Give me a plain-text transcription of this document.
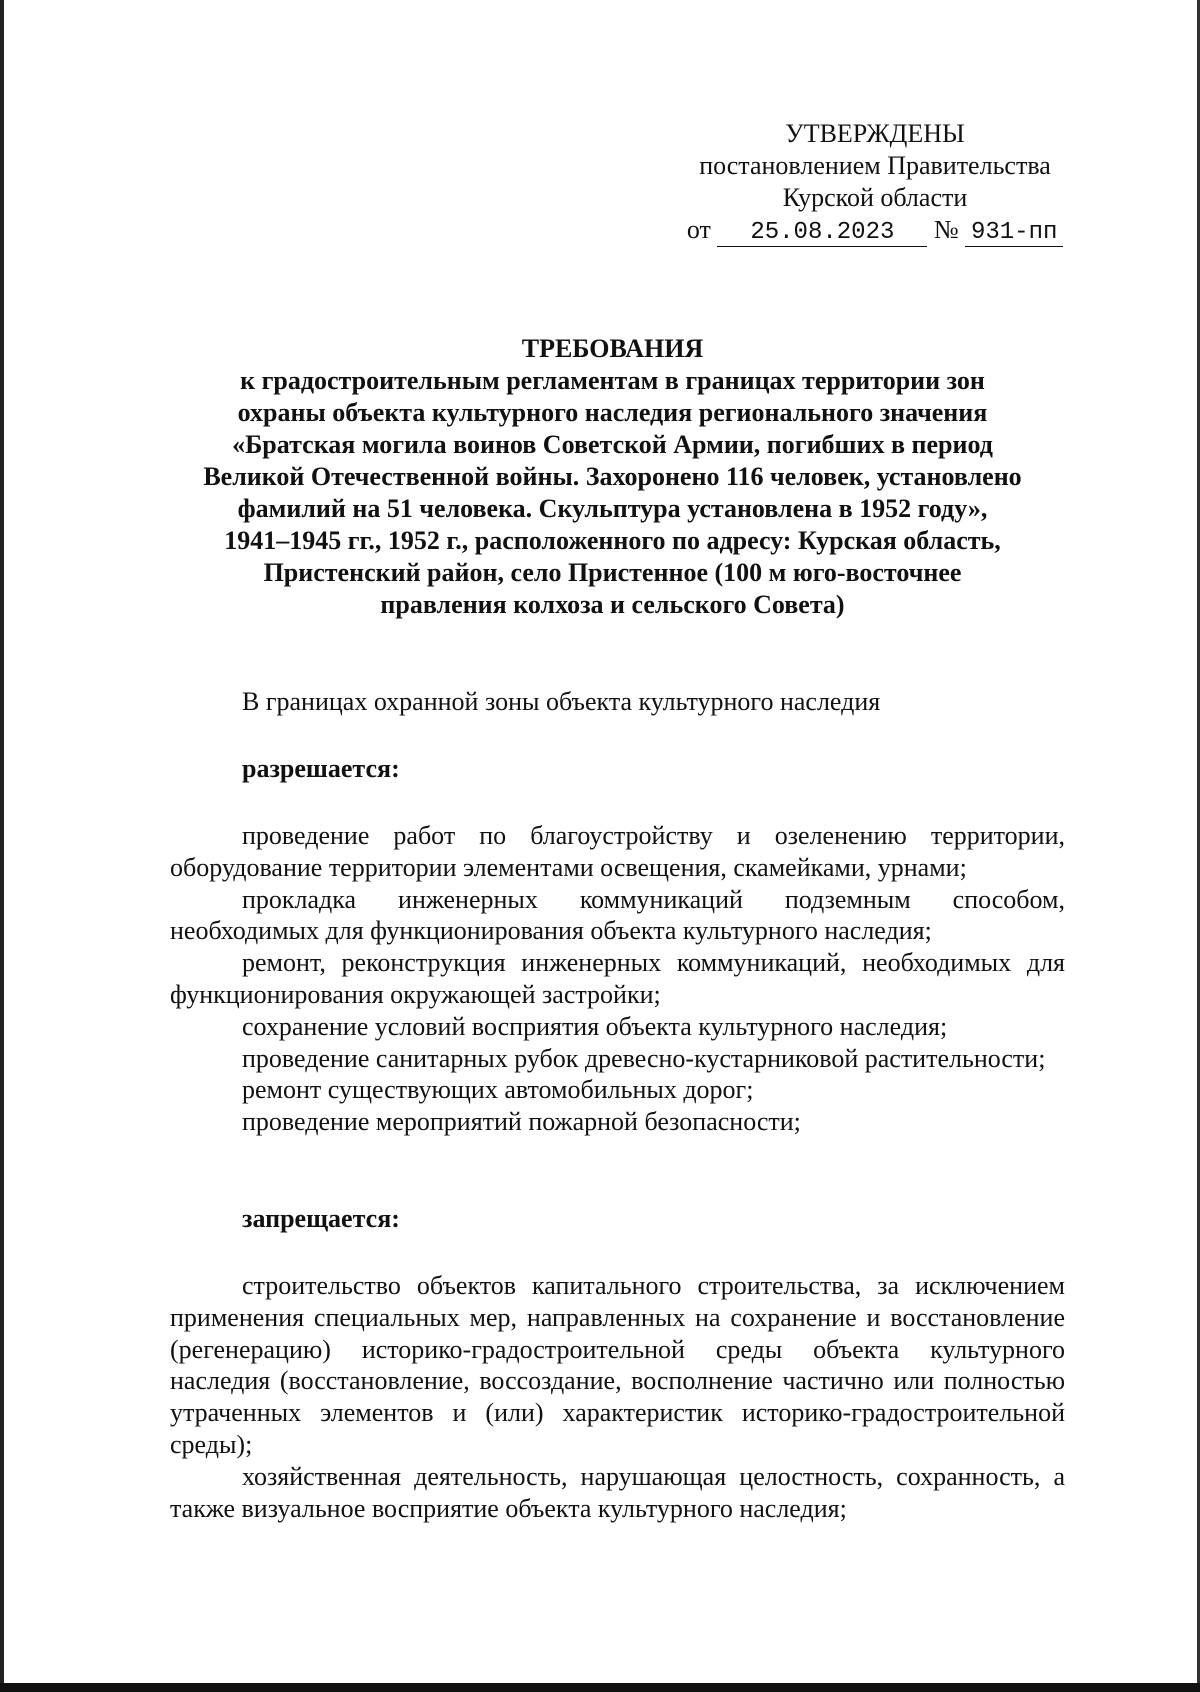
УТВЕРЖДЕНЫ
постановлением Правительства
Курской области
от 25.08.2023 № 931-пп
ТРЕБОВАНИЯ
к градостроительным регламентам в границах территории зон
охраны объекта культурного наследия регионального значения
«Братская могила воинов Советской Армии, погибших в период
Великой Отечественной войны. Захоронено 116 человек, установлено
фамилий на 51 человека. Скульптура установлена в 1952 году»,
1941–1945 гг., 1952 г., расположенного по адресу: Курская область,
Пристенский район, село Пристенное (100 м юго-восточнее
правления колхоза и сельского Совета)

В границах охранной зоны объекта культурного наследия

разрешается:

проведение работ по благоустройству и озеленению территории, оборудование территории элементами освещения, скамейками, урнами;

прокладка инженерных коммуникаций подземным способом, необходимых для функционирования объекта культурного наследия;

ремонт, реконструкция инженерных коммуникаций, необходимых для функционирования окружающей застройки;

сохранение условий восприятия объекта культурного наследия;

проведение санитарных рубок древесно-кустарниковой растительности;

ремонт существующих автомобильных дорог;

проведение мероприятий пожарной безопасности;

запрещается:

строительство объектов капитального строительства, за исключением применения специальных мер, направленных на сохранение и восстановление (регенерацию) историко-градостроительной среды объекта культурного наследия (восстановление, воссоздание, восполнение частично или полностью утраченных элементов и (или) характеристик историко-градостроительной среды);

хозяйственная деятельность, нарушающая целостность, сохранность, а также визуальное восприятие объекта культурного наследия;
